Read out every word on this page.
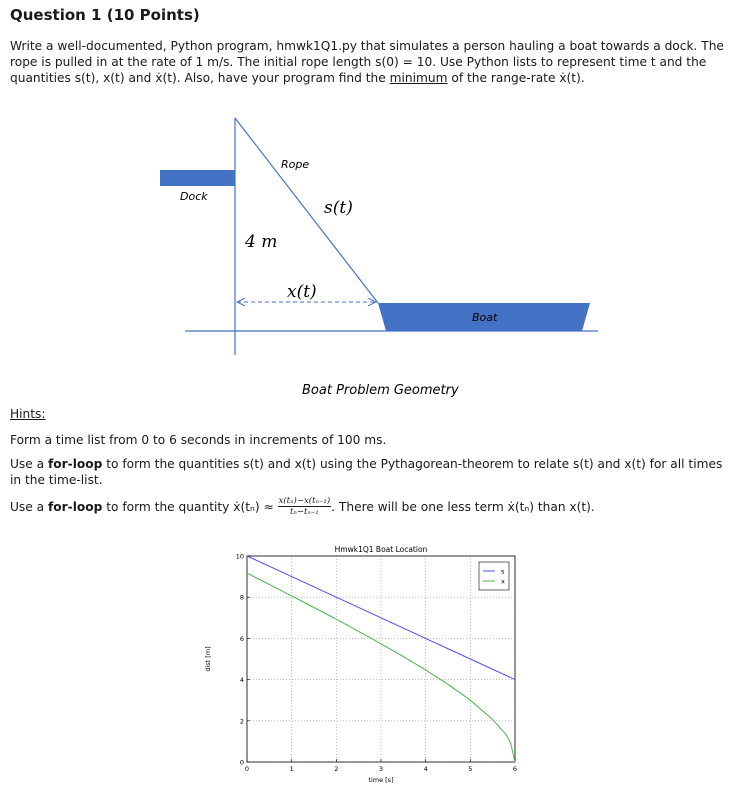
Question 1 (10 Points)
Write a well-documented, Python program, hmwk1Q1.py that simulates a person hauling a boat towards a dock. The
rope is pulled in at the rate of 1 m/s. The initial rope length s(0) = 10. Use Python lists to represent time t and the
quantities s(t), x(t) and ẋ(t). Also, have your program find the minimum of the range-rate ẋ(t).
Rope
Dock
s(t)
4 m
x(t)
Boat
Boat Problem Geometry
Hints:
Form a time list from 0 to 6 seconds in increments of 100 ms.
Use a for-loop to form the quantities s(t) and x(t) using the Pythagorean-theorem to relate s(t) and x(t) for all times
in the time-list.
Use a for-loop to form the quantity ẋ(tₙ) ≈ $\frac{\text{x(tₙ)−x(tₙ₋₁)}}{\text{tₙ−tₙ₋₁}}$ . There will be one less term ẋ(tₙ) than x(t).
0	1	2	3	4	5	6
0
2
4
6
8
10
Hmwk1Q1 Boat Location
time [s]
dist [m]
s
x
